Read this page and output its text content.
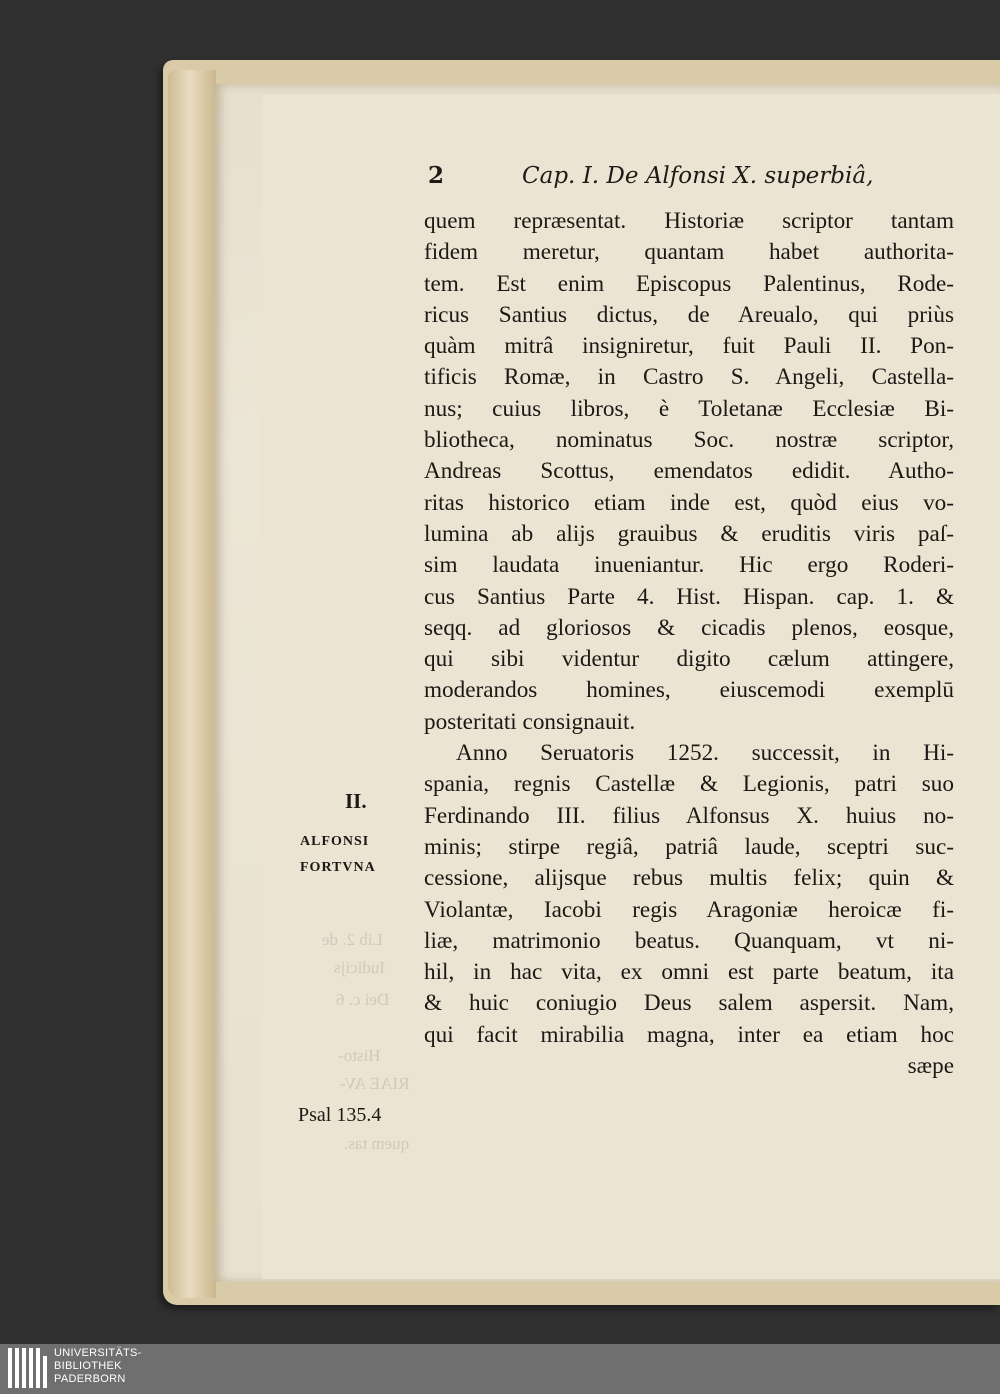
Lib 2. de
Iudicijs
Dei c. 6
Histo-
RIAE AV-
quem tas.
2	Cap. I. De Alfonsi X. superbiâ,
II.
ALFONSI
FORTVNA
Psal 135.4
quem repræsentat. Historiæ scriptor tantam
fidem meretur, quantam habet authorita-
tem. Est enim Episcopus Palentinus, Rode-
ricus Santius dictus, de Areualo, qui priùs
quàm mitrâ insigniretur, fuit Pauli II. Pon-
tificis Romæ, in Castro S. Angeli, Castella-
nus; cuius libros, è Toletanæ Ecclesiæ Bi-
bliotheca, nominatus Soc. nostræ scriptor,
Andreas Scottus, emendatos edidit. Autho-
ritas historico etiam inde est, quòd eius vo-
lumina ab alijs grauibus & eruditis viris paſ-
sim laudata inueniantur. Hic ergo Roderi-
cus Santius Parte 4. Hist. Hispan. cap. 1. &
seqq. ad gloriosos & cicadis plenos, eosque,
qui sibi videntur digito cælum attingere,
moderandos homines, eiuscemodi exemplū
posteritati consignauit.
Anno Seruatoris 1252. successit, in Hi-
spania, regnis Castellæ & Legionis, patri suo
Ferdinando III. filius Alfonsus X. huius no-
minis; stirpe regiâ, patriâ laude, sceptri suc-
cessione, alijsque rebus multis felix; quin &
Violantæ, Iacobi regis Aragoniæ heroicæ fi-
liæ, matrimonio beatus. Quanquam, vt ni-
hil, in hac vita, ex omni est parte beatum, ita
& huic coniugio Deus salem aspersit. Nam,
qui facit mirabilia magna, inter ea etiam hoc
sæpe
UNIVERSITÄTS-
BIBLIOTHEK
PADERBORN
